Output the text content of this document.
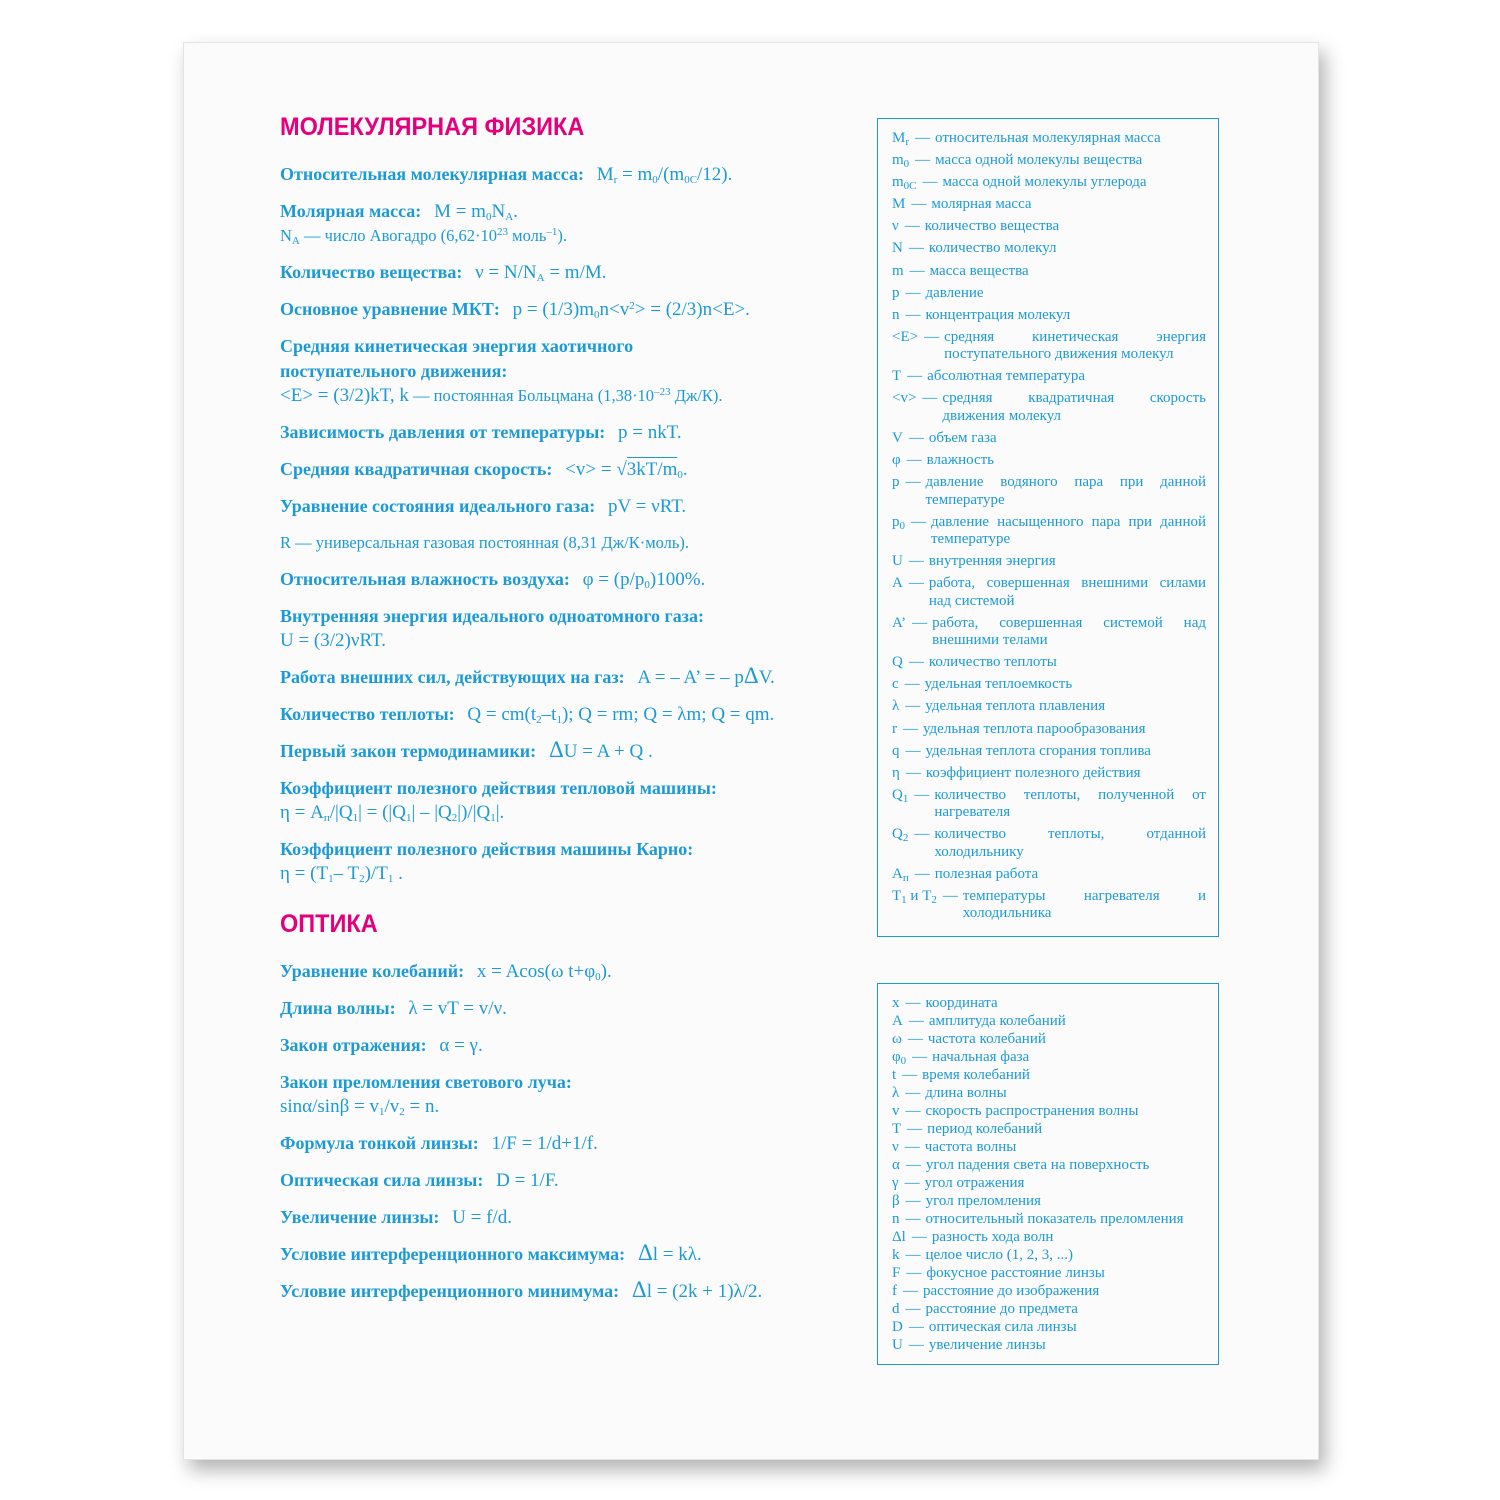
МОЛЕКУЛЯРНАЯ ФИЗИКА
Относительная молекулярная масса: $M_r = m_0/(m_{0C}/12)$.
Молярная масса: $M = m_0N_A$.
$N_A$ — число Авогадро ($6,62\cdot 10^{23}$ моль$^{-1}$).
Количество вещества: $\nu = N/N_A = m/M$.
Основное уравнение МКТ: $p = (1/3)m_0n<v^2> = (2/3)n<E>$.
Средняя кинетическая энергия хаотичного
поступательного движения:
<E> = (3/2)kT, k — постоянная Больцмана ($1,38\cdot 10^{-23}$ Дж/К).
Зависимость давления от температуры: p = nkT.
Средняя квадратичная скорость: $<v> = √3kT/m_0$.
Уравнение состояния идеального газа: pV = νRT.
R — универсальная газовая постоянная (8,31 Дж/К·моль).
Относительная влажность воздуха: $\varphi = (p/p_0)100\%$.
Внутренняя энергия идеального одноатомного газа:
U = (3/2)νRT.
Работа внешних сил, действующих на газ: A = – A’ = – pΔV.
Количество теплоты: $Q = cm(t_2-t_1)$; Q = rm; Q = λm; Q = qm.
Первый закон термодинамики: ΔU = A + Q .
Коэффициент полезного действия тепловой машины:
$\eta = A_п/|Q_1| = (|Q_1| - |Q_2|)/|Q_1|$.
Коэффициент полезного действия машины Карно:
$\eta = (T_1-$ $T_2)/T_1$ .
ОПТИКА
Уравнение колебаний: x = Acos(ω $t+\varphi_0$).
Длина волны: λ = vT = v/ν.
Закон отражения: α = γ.
Закон преломления светового луча:
$\sin\alpha/\sin\beta = v_1/v_2 = n$.
Формула тонкой линзы: 1/F = 1/d+1/f.
Оптическая сила линзы: D = 1/F.
Увеличение линзы: U = f/d.
Условие интерференционного максимума: Δl = kλ.
Условие интерференционного минимума: Δl = (2k + 1)λ/2.
$M_r$ — относительная молекулярная масса
$m_0$ — масса одной молекулы вещества
$m_{0C}$ — масса одной молекулы углерода
M — молярная масса
ν — количество вещества
N — количество молекул
m — масса вещества
p — давление
n — концентрация молекул
<E> — средняя кинетическая энергия поступательного движения молекул
T — абсолютная температура
<v> — средняя квадратичная скорость движения молекул
V — объем газа
φ — влажность
p — давление водяного пара при данной температуре
$p_0$ — давление насыщенного пара при данной температуре
U — внутренняя энергия
A — работа, совершенная внешними силами над системой
A’ — работа, совершенная системой над внешними телами
Q — количество теплоты
c — удельная теплоемкость
λ — удельная теплота плавления
r — удельная теплота парообразования
q — удельная теплота сгорания топлива
η — коэффициент полезного действия
$Q_1$ — количество теплоты, полученной от нагревателя
$Q_2$ — количество теплоты, отданной холодильнику
$A_п$ — полезная работа
$T_1$ и $T_2$ — температуры нагревателя и холодильника
x — координата
A — амплитуда колебаний
ω — частота колебаний
$\varphi_0$ — начальная фаза
t — время колебаний
λ — длина волны
v — скорость распространения волны
T — период колебаний
ν — частота волны
α — угол падения света на поверхность
γ — угол отражения
β — угол преломления
n — относительный показатель преломления
Δl — разность хода волн
k — целое число (1, 2, 3, ...)
F — фокусное расстояние линзы
f — расстояние до изображения
d — расстояние до предмета
D — оптическая сила линзы
U — увеличение линзы
